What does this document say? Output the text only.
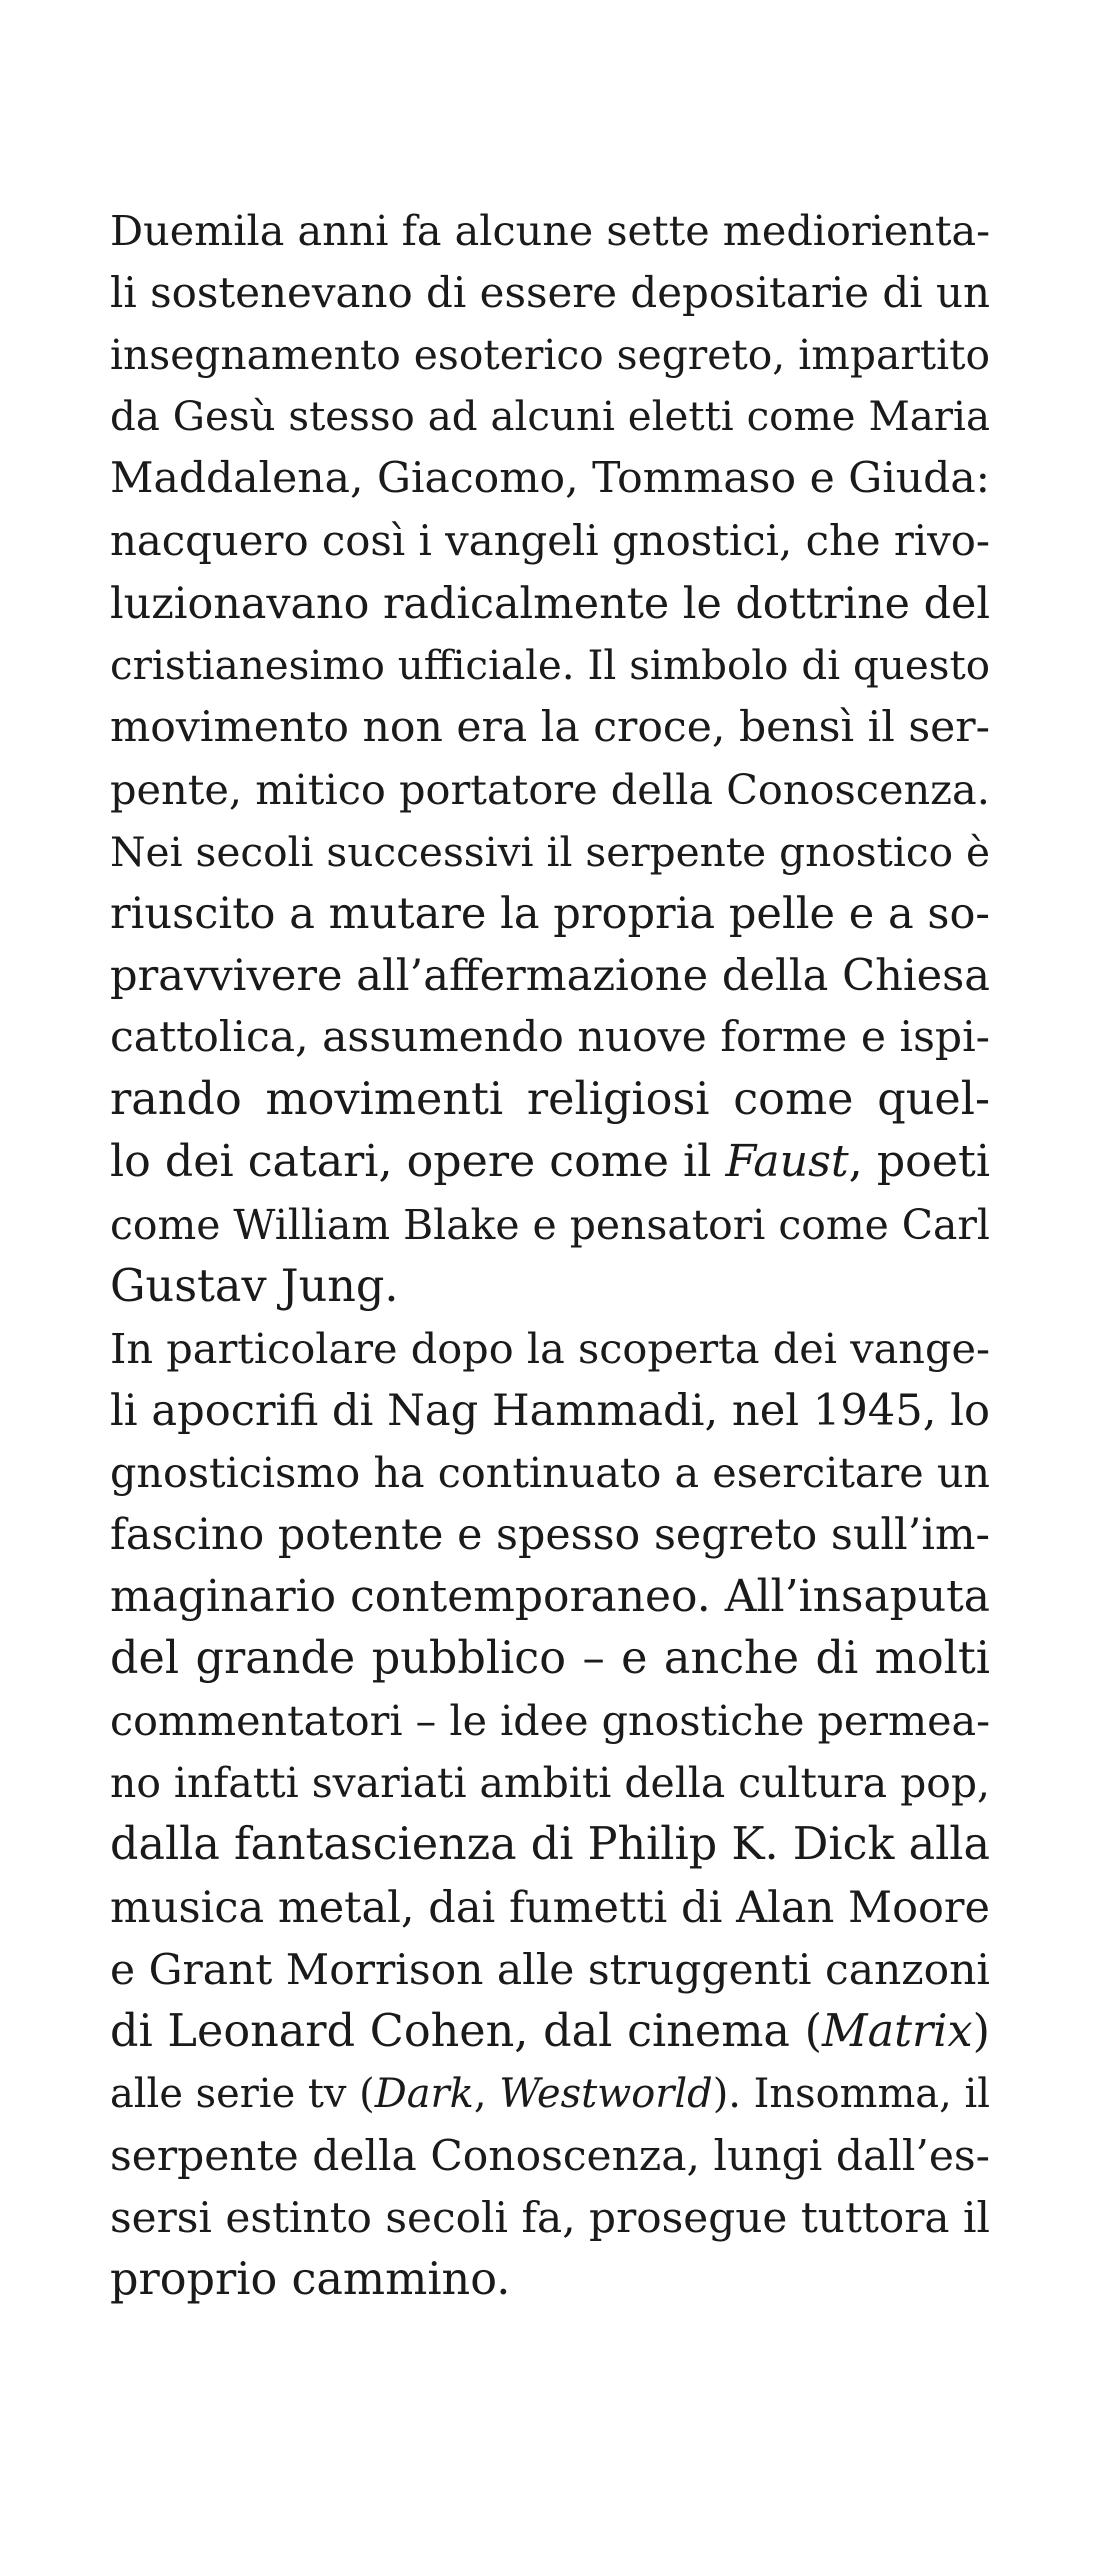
Duemila anni fa alcune sette mediorienta-
li sostenevano di essere depositarie di un
insegnamento esoterico segreto, impartito
da Gesù stesso ad alcuni eletti come Maria
Maddalena, Giacomo, Tommaso e Giuda:
nacquero così i vangeli gnostici, che rivo-
luzionavano radicalmente le dottrine del
cristianesimo ufficiale. Il simbolo di questo
movimento non era la croce, bensì il ser-
pente, mitico portatore della Conoscenza.
Nei secoli successivi il serpente gnostico è
riuscito a mutare la propria pelle e a so-
pravvivere all’affermazione della Chiesa
cattolica, assumendo nuove forme e ispi-
rando movimenti religiosi come quel-
lo dei catari, opere come il Faust, poeti
come William Blake e pensatori come Carl
Gustav Jung.
In particolare dopo la scoperta dei vange-
li apocrifi di Nag Hammadi, nel 1945, lo
gnosticismo ha continuato a esercitare un
fascino potente e spesso segreto sull’im-
maginario contemporaneo. All’insaputa
del grande pubblico – e anche di molti
commentatori – le idee gnostiche permea-
no infatti svariati ambiti della cultura pop,
dalla fantascienza di Philip K. Dick alla
musica metal, dai fumetti di Alan Moore
e Grant Morrison alle struggenti canzoni
di Leonard Cohen, dal cinema (Matrix)
alle serie tv (Dark, Westworld). Insomma, il
serpente della Conoscenza, lungi dall’es-
sersi estinto secoli fa, prosegue tuttora il
proprio cammino.
